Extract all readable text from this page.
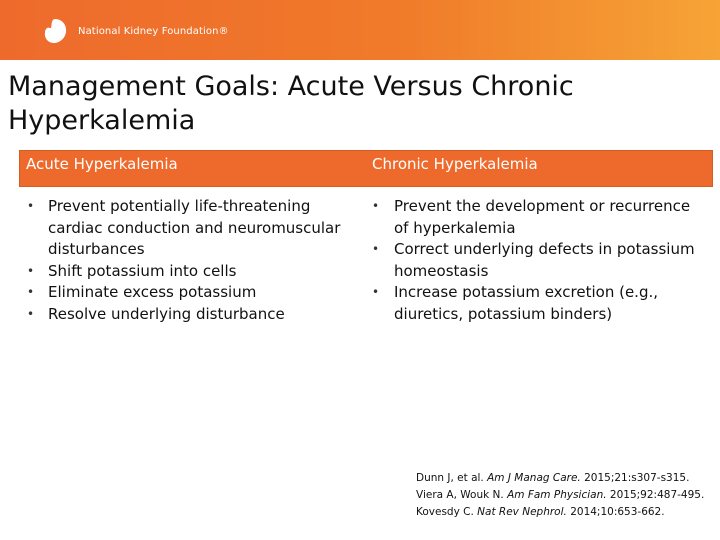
National Kidney Foundation®
Management Goals: Acute Versus Chronic Hyperkalemia
Acute Hyperkalemia	Chronic Hyperkalemia
• Prevent potentially life-threatening cardiac conduction and neuromuscular disturbances
• Shift potassium into cells
• Eliminate excess potassium
• Resolve underlying disturbance
• Prevent the development or recurrence of hyperkalemia
• Correct underlying defects in potassium homeostasis
• Increase potassium excretion (e.g., diuretics, potassium binders)
Dunn J, et al. Am J Manag Care. 2015;21:s307-s315.
Viera A, Wouk N. Am Fam Physician. 2015;92:487-495.
Kovesdy C. Nat Rev Nephrol. 2014;10:653-662.
